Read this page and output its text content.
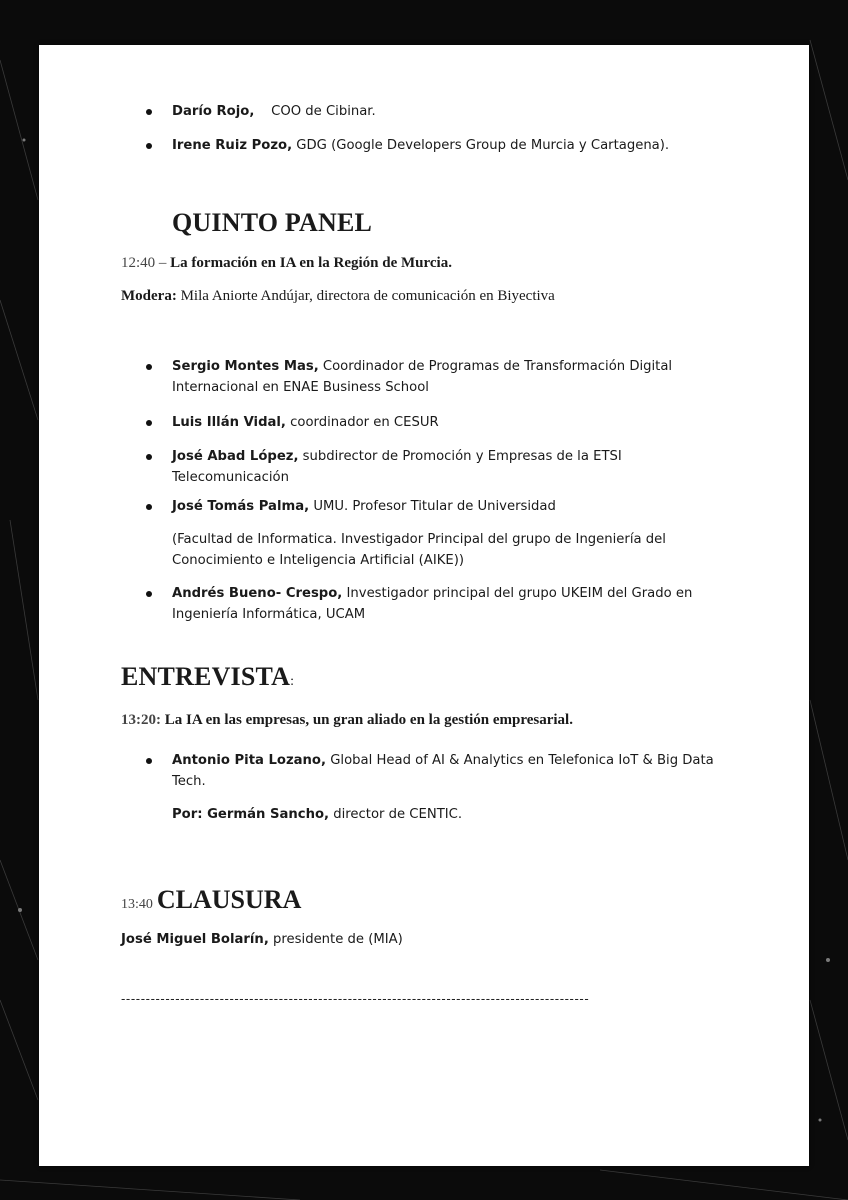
Darío Rojo, COO de Cibinar.

Irene Ruiz Pozo, GDG (Google Developers Group de Murcia y Cartagena).

QUINTO PANEL

12:40 – La formación en IA en la Región de Murcia.

Modera: Mila Aniorte Andújar, directora de comunicación en Biyectiva

Sergio Montes Mas, Coordinador de Programas de Transformación Digital
Internacional en ENAE Business School

Luis Illán Vidal, coordinador en CESUR

José Abad López, subdirector de Promoción y Empresas de la ETSI
Telecomunicación

José Tomás Palma, UMU. Profesor Titular de Universidad

(Facultad de Informatica. Investigador Principal del grupo de Ingeniería del
Conocimiento e Inteligencia Artificial (AIKE))

Andrés Bueno- Crespo, Investigador principal del grupo UKEIM del Grado en
Ingeniería Informática, UCAM

ENTREVISTA:

13:20: La IA en las empresas, un gran aliado en la gestión empresarial.

Antonio Pita Lozano, Global Head of AI & Analytics en Telefonica IoT & Big Data
Tech.

Por: Germán Sancho, director de CENTIC.

13:40 CLAUSURA

José Miguel Bolarín, presidente de (MIA)

-----------------------------------------------------------------------------------------------
